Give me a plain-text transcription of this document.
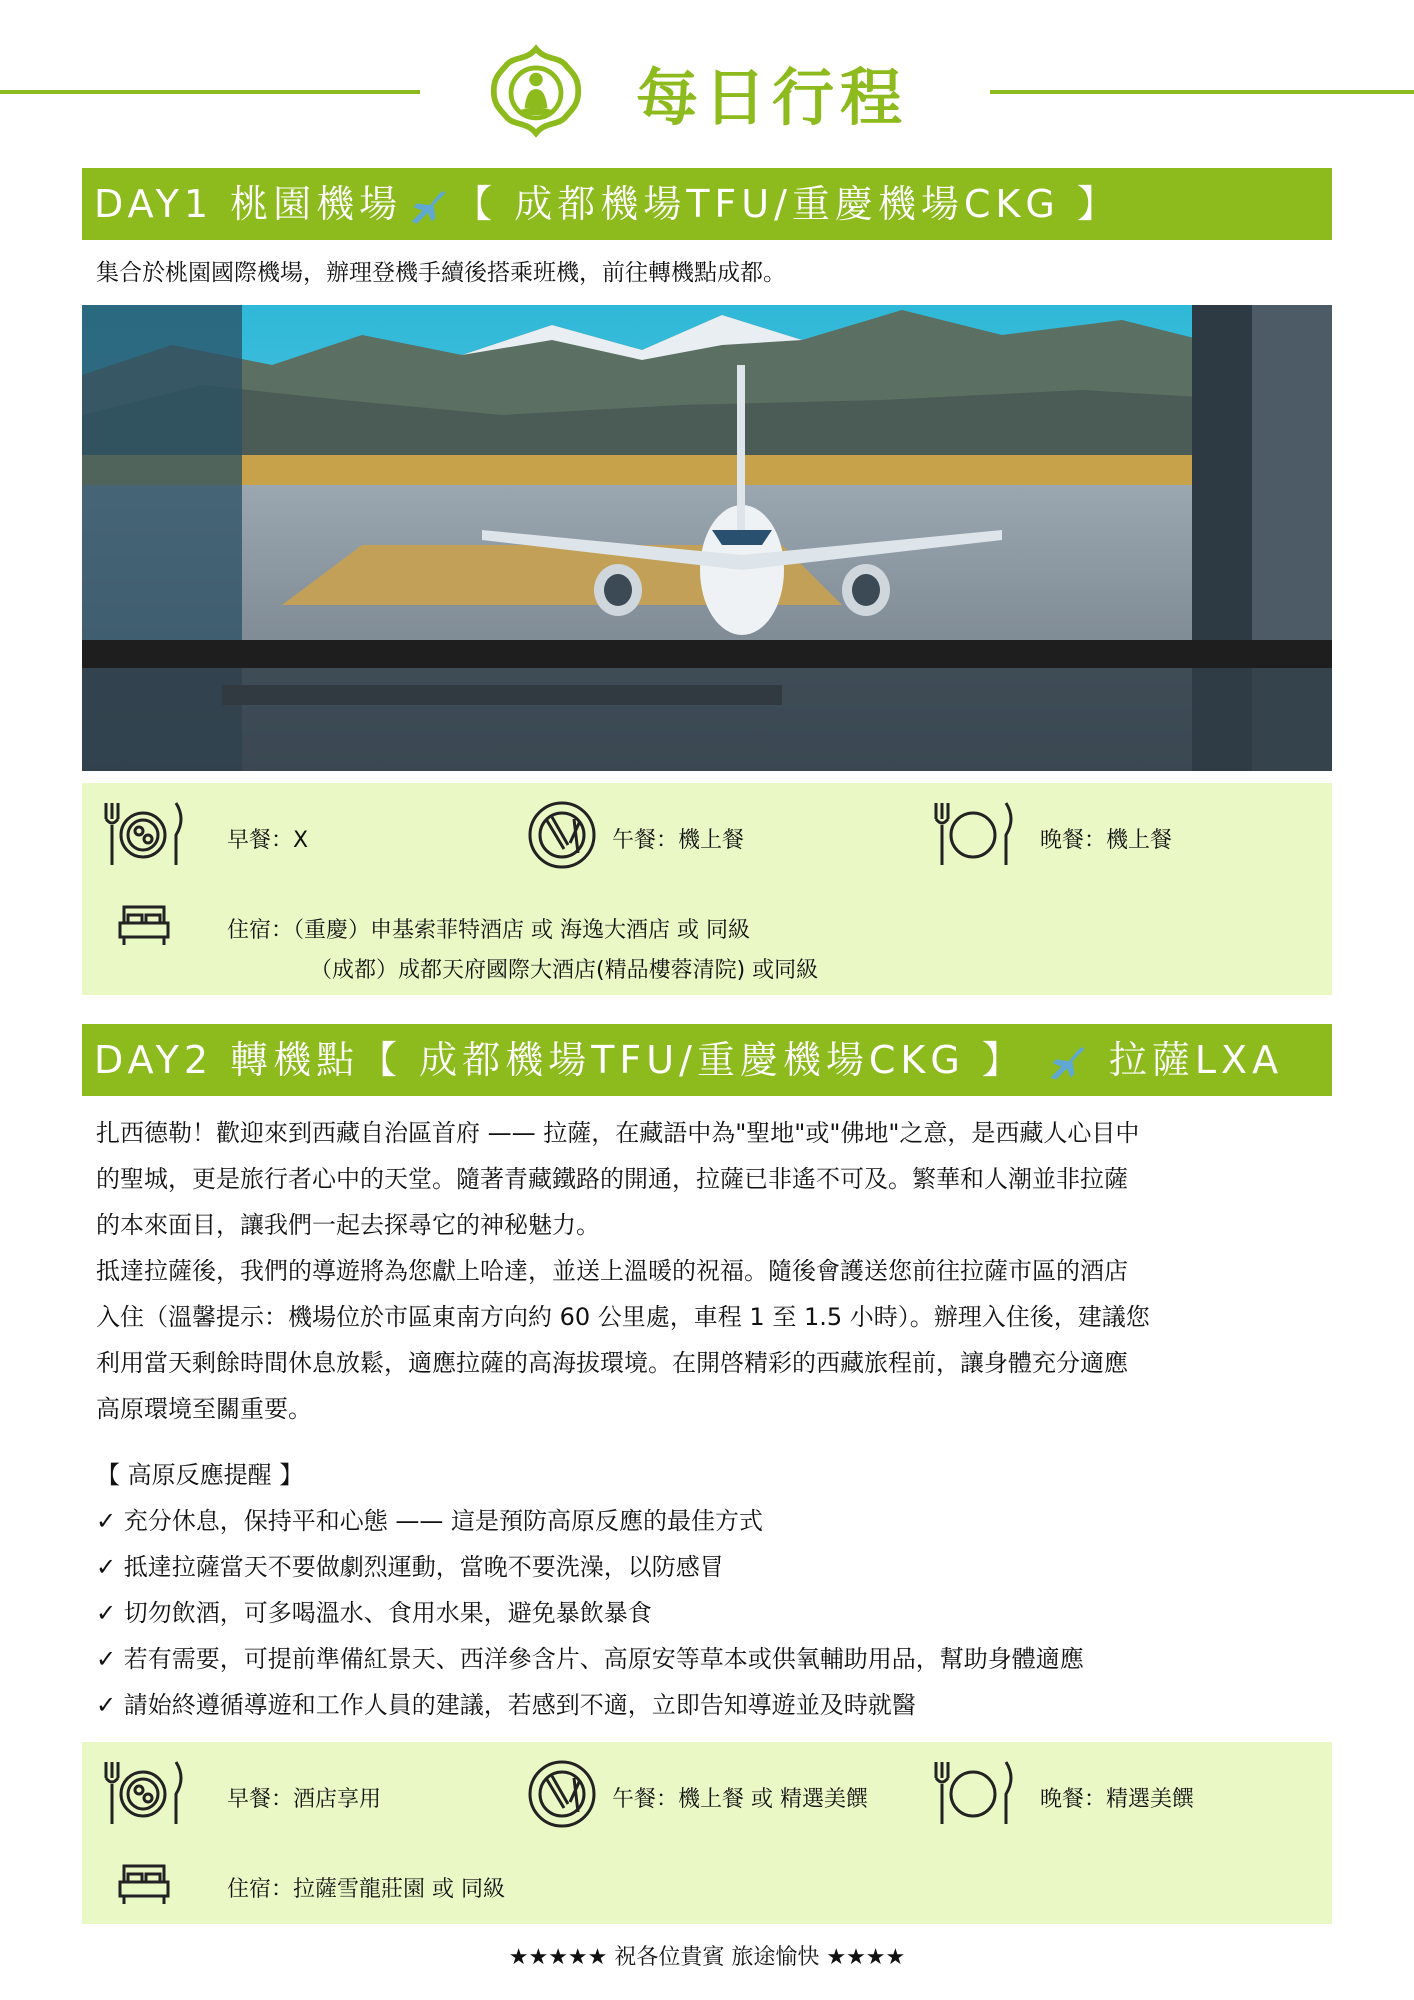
每日行程
DAY1 桃園機場 【 成都機場TFU/重慶機場CKG 】
集合於桃園國際機場，辦理登機手續後搭乘班機，前往轉機點成都。
早餐：X	午餐：機上餐	晚餐：機上餐
住宿：（重慶）申基索菲特酒店 或 海逸大酒店 或 同級
（成都）成都天府國際大酒店(精品樓蓉清院) 或同級
DAY2 轉機點【 成都機場TFU/重慶機場CKG 】 拉薩LXA
扎西德勒！歡迎來到西藏自治區首府 —— 拉薩，在藏語中為"聖地"或"佛地"之意，是西藏人心目中
的聖城，更是旅行者心中的天堂。隨著青藏鐵路的開通，拉薩已非遙不可及。繁華和人潮並非拉薩
的本來面目，讓我們一起去探尋它的神秘魅力。
抵達拉薩後，我們的導遊將為您獻上哈達，並送上溫暖的祝福。隨後會護送您前往拉薩市區的酒店
入住（溫馨提示：機場位於市區東南方向約 60 公里處，車程 1 至 1.5 小時）。辦理入住後，建議您
利用當天剩餘時間休息放鬆，適應拉薩的高海拔環境。在開啓精彩的西藏旅程前，讓身體充分適應
高原環境至關重要。
【 高原反應提醒 】
✓ 充分休息，保持平和心態 —— 這是預防高原反應的最佳方式
✓ 抵達拉薩當天不要做劇烈運動，當晚不要洗澡，以防感冒
✓ 切勿飲酒，可多喝溫水、食用水果，避免暴飲暴食
✓ 若有需要，可提前準備紅景天、西洋參含片、高原安等草本或供氧輔助用品，幫助身體適應
✓ 請始終遵循導遊和工作人員的建議，若感到不適，立即告知導遊並及時就醫
早餐：酒店享用	午餐：機上餐 或 精選美饌	晚餐：精選美饌
住宿：拉薩雪龍莊園 或 同級
★★★★★ 祝各位貴賓 旅途愉快 ★★★★
